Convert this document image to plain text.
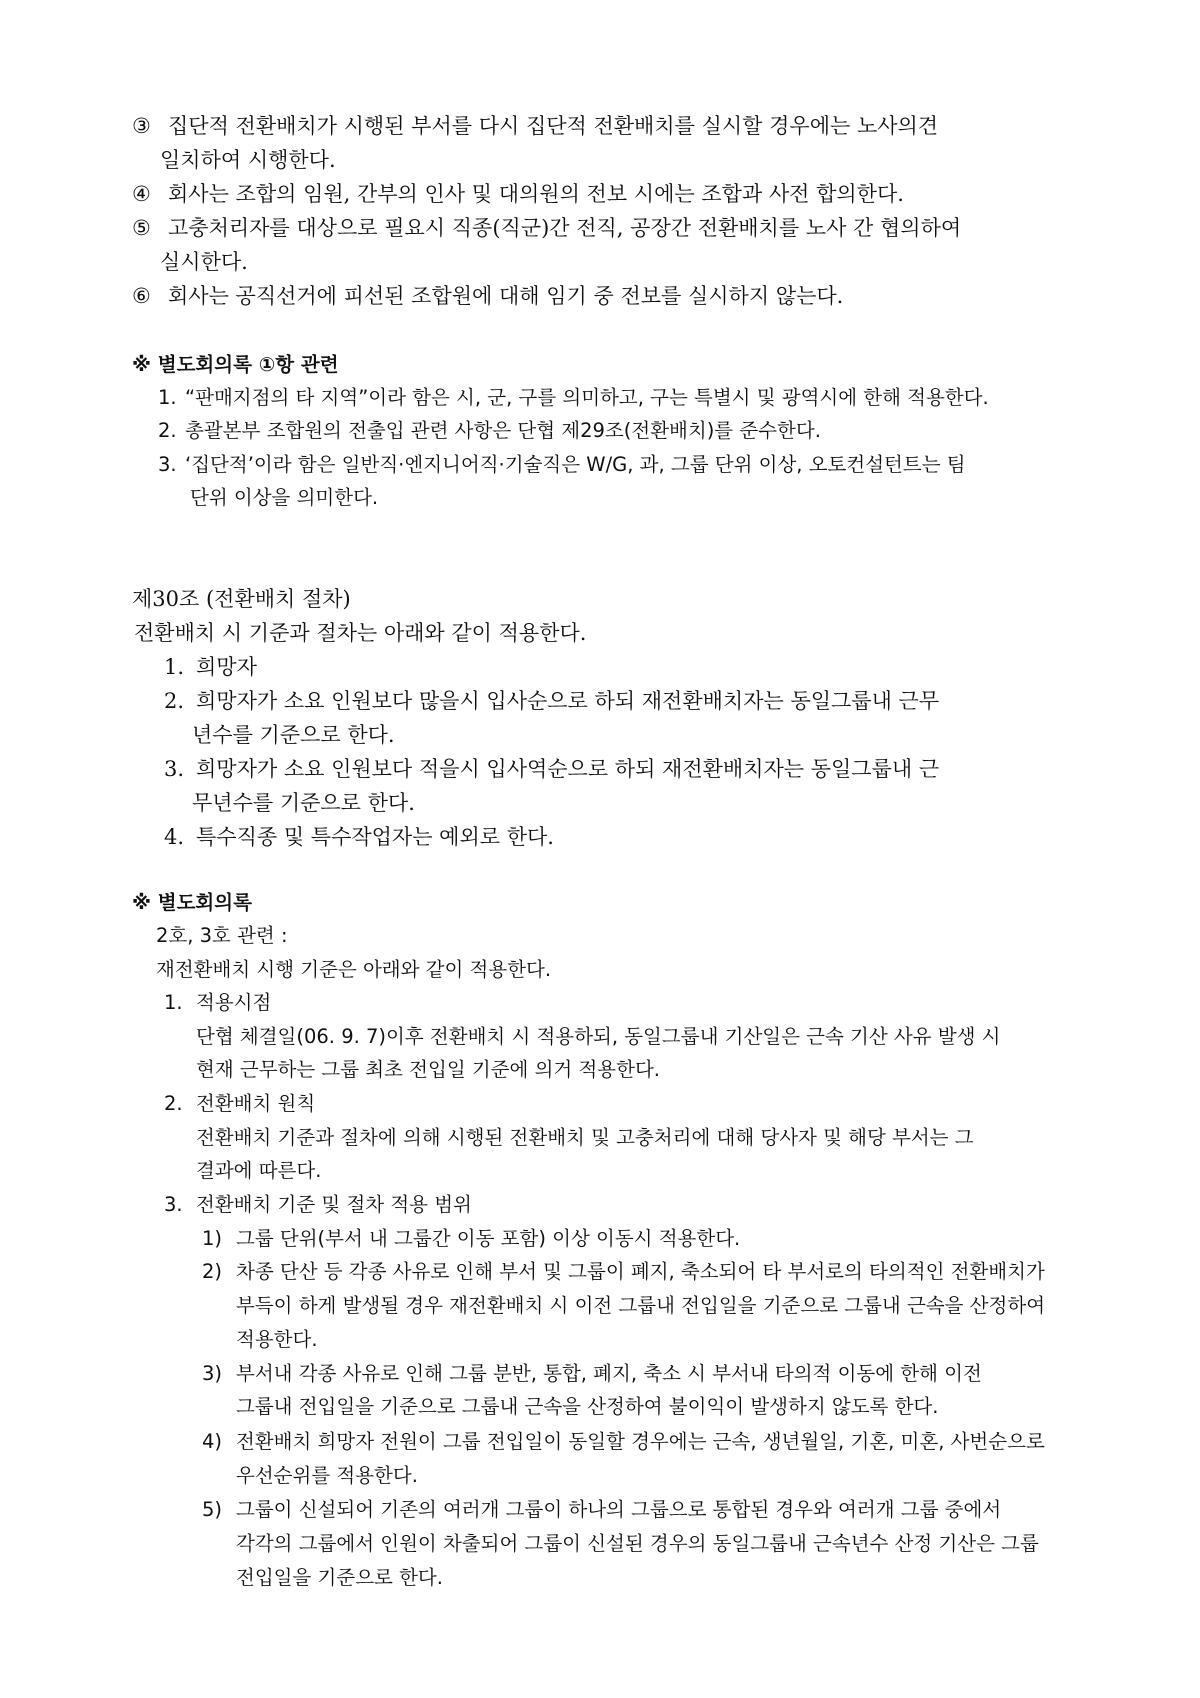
③ 집단적 전환배치가 시행된 부서를 다시 집단적 전환배치를 실시할 경우에는 노사의견
일치하여 시행한다.
④ 회사는 조합의 임원, 간부의 인사 및 대의원의 전보 시에는 조합과 사전 합의한다.
⑤ 고충처리자를 대상으로 필요시 직종(직군)간 전직, 공장간 전환배치를 노사 간 협의하여
실시한다.
⑥ 회사는 공직선거에 피선된 조합원에 대해 임기 중 전보를 실시하지 않는다.
※ 별도회의록 ①항 관련
1. “판매지점의 타 지역”이라 함은 시, 군, 구를 의미하고, 구는 특별시 및 광역시에 한해 적용한다.
2. 총괄본부 조합원의 전출입 관련 사항은 단협 제29조(전환배치)를 준수한다.
3. ‘집단적’이라 함은 일반직·엔지니어직·기술직은 W/G, 과, 그룹 단위 이상, 오토컨설턴트는 팀
단위 이상을 의미한다.
제30조 (전환배치 절차)
전환배치 시 기준과 절차는 아래와 같이 적용한다.
1. 희망자
2. 희망자가 소요 인원보다 많을시 입사순으로 하되 재전환배치자는 동일그룹내 근무
년수를 기준으로 한다.
3. 희망자가 소요 인원보다 적을시 입사역순으로 하되 재전환배치자는 동일그룹내 근
무년수를 기준으로 한다.
4. 특수직종 및 특수작업자는 예외로 한다.
※ 별도회의록
2호, 3호 관련 :
재전환배치 시행 기준은 아래와 같이 적용한다.
1. 적용시점
단협 체결일(06. 9. 7)이후 전환배치 시 적용하되, 동일그룹내 기산일은 근속 기산 사유 발생 시
현재 근무하는 그룹 최초 전입일 기준에 의거 적용한다.
2. 전환배치 원칙
전환배치 기준과 절차에 의해 시행된 전환배치 및 고충처리에 대해 당사자 및 해당 부서는 그
결과에 따른다.
3. 전환배치 기준 및 절차 적용 범위
1) 그룹 단위(부서 내 그룹간 이동 포함) 이상 이동시 적용한다.
2) 차종 단산 등 각종 사유로 인해 부서 및 그룹이 폐지, 축소되어 타 부서로의 타의적인 전환배치가
부득이 하게 발생될 경우 재전환배치 시 이전 그룹내 전입일을 기준으로 그룹내 근속을 산정하여
적용한다.
3) 부서내 각종 사유로 인해 그룹 분반, 통합, 폐지, 축소 시 부서내 타의적 이동에 한해 이전
그룹내 전입일을 기준으로 그룹내 근속을 산정하여 불이익이 발생하지 않도록 한다.
4) 전환배치 희망자 전원이 그룹 전입일이 동일할 경우에는 근속, 생년월일, 기혼, 미혼, 사번순으로
우선순위를 적용한다.
5) 그룹이 신설되어 기존의 여러개 그룹이 하나의 그룹으로 통합된 경우와 여러개 그룹 중에서
각각의 그룹에서 인원이 차출되어 그룹이 신설된 경우의 동일그룹내 근속년수 산정 기산은 그룹
전입일을 기준으로 한다.
